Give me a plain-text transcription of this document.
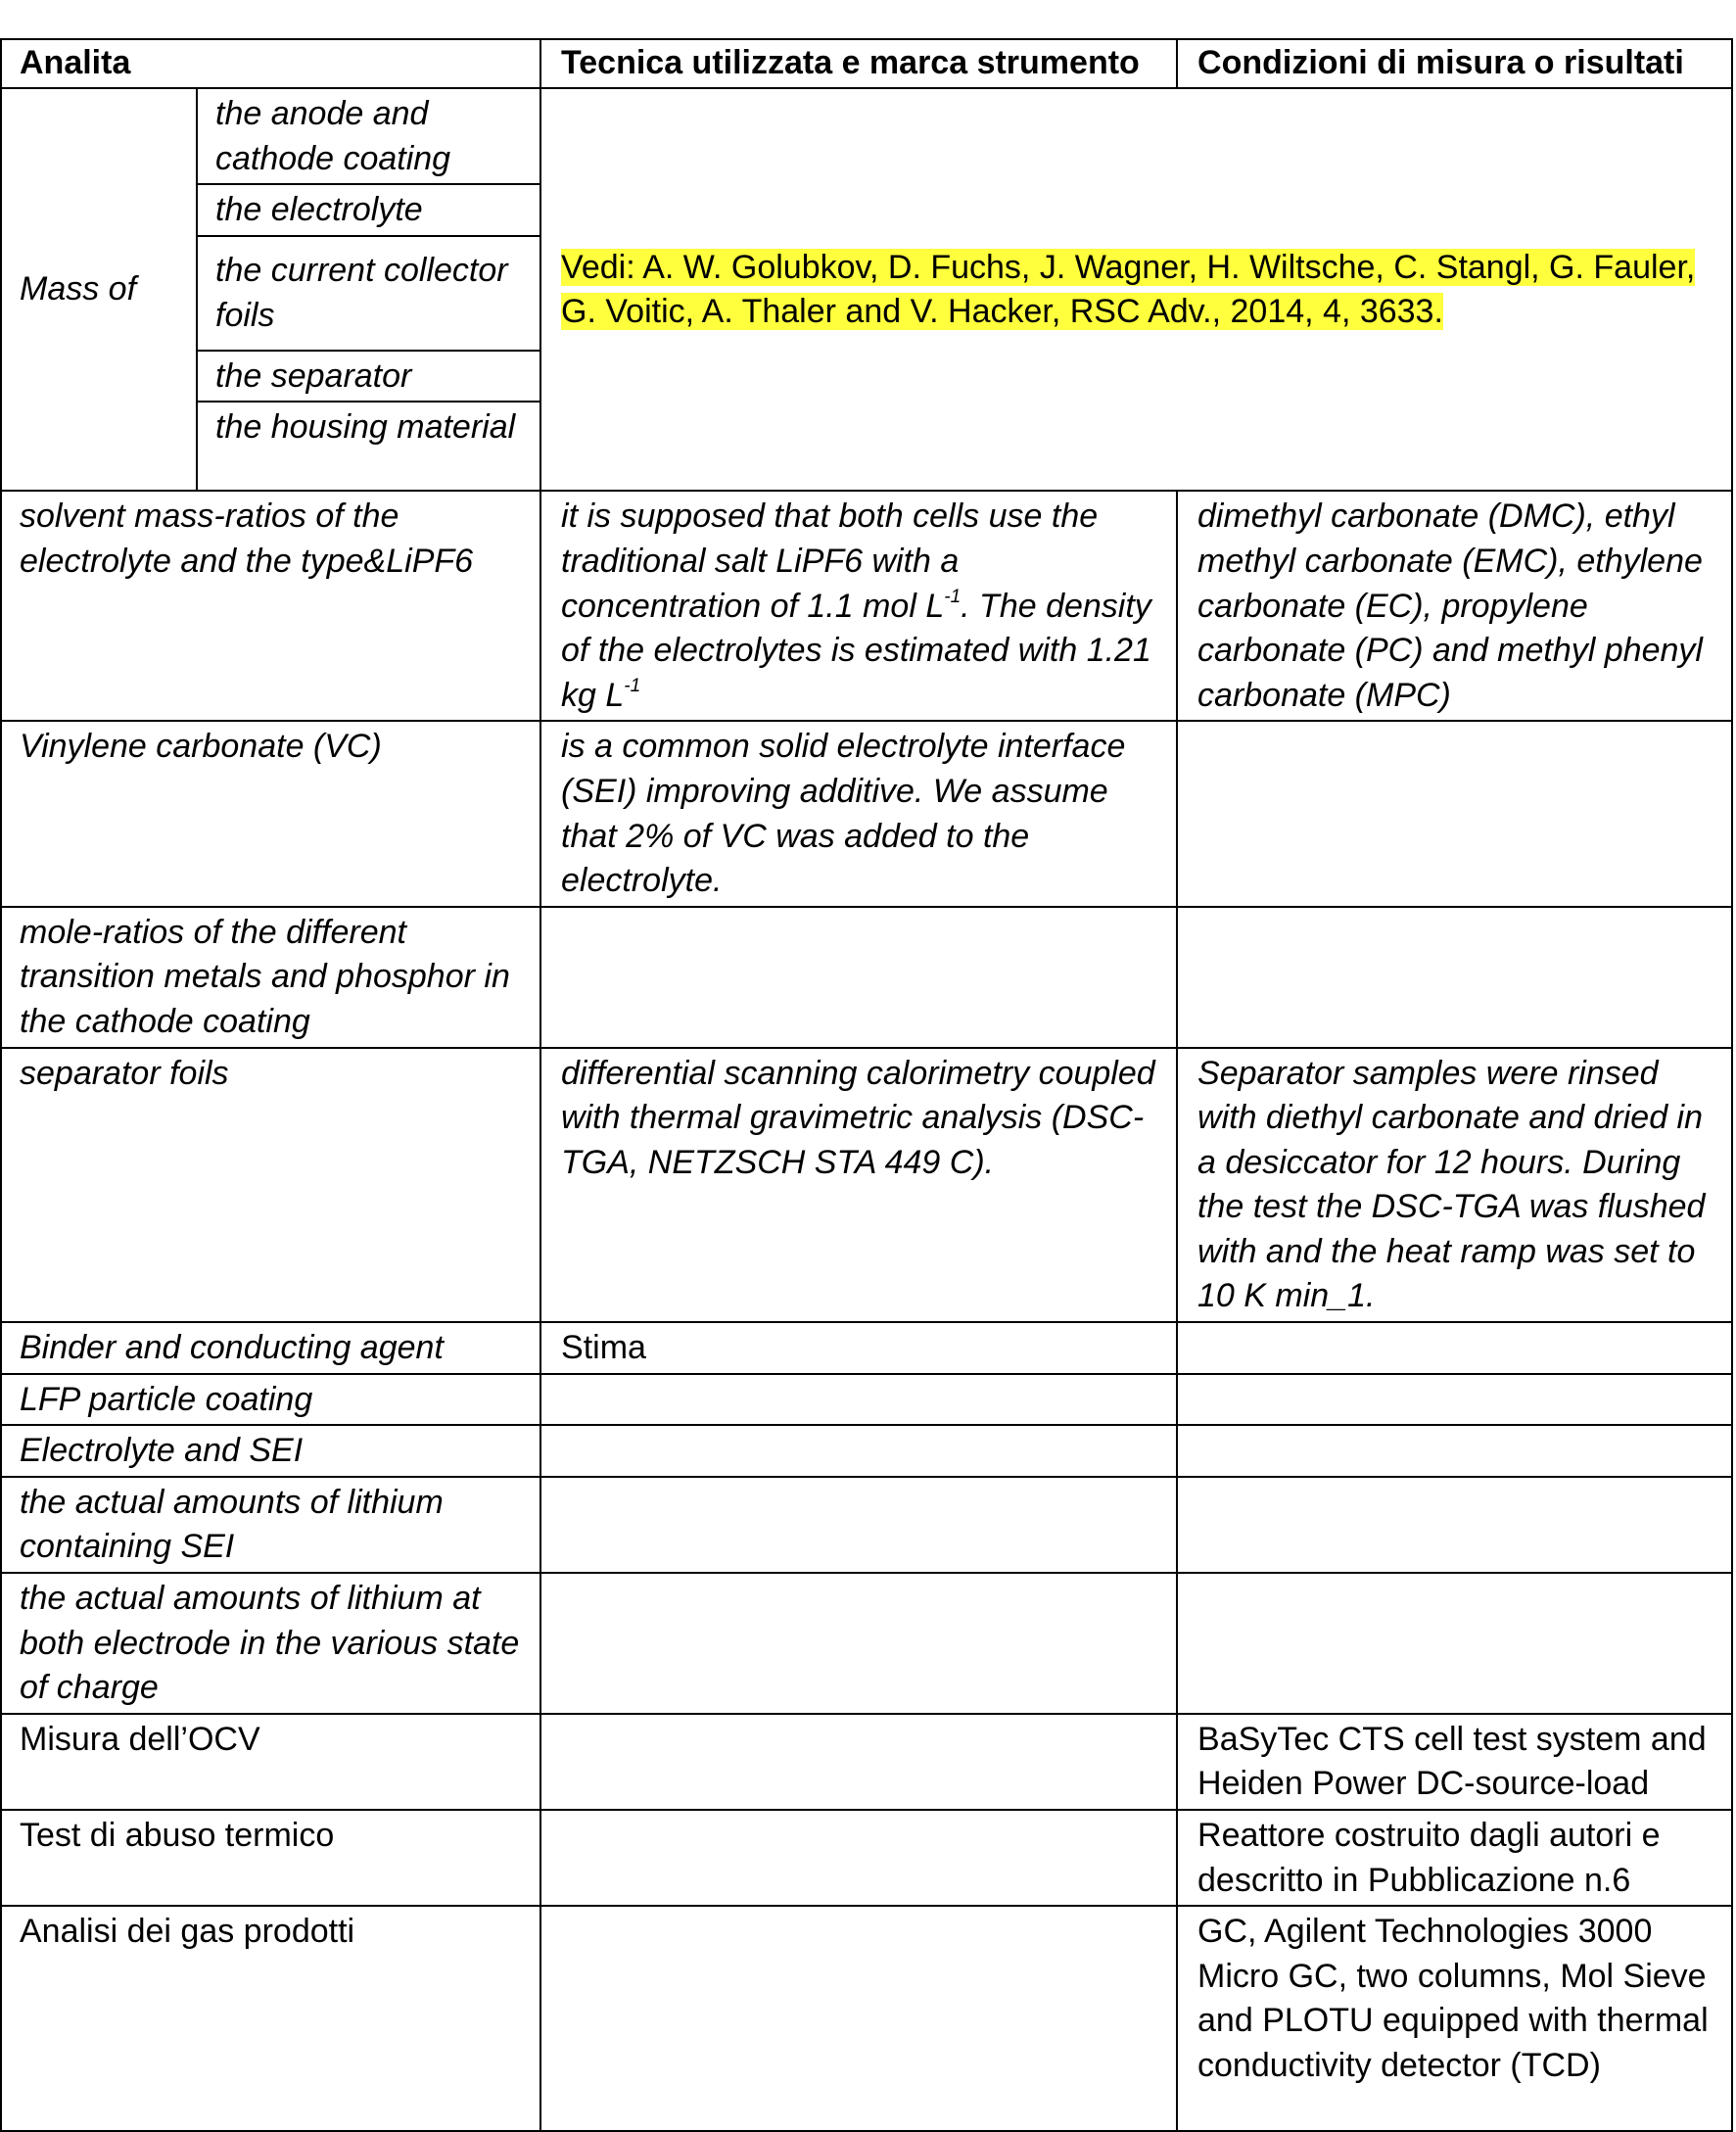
Analita		Tecnica utilizzata e marca strumento	Condizioni di misura o risultati
Mass of	the anode and cathode coating	Vedi: A. W. Golubkov, D. Fuchs, J. Wagner, H. Wiltsche, C. Stangl, G. Fauler, G. Voitic, A. Thaler and V. Hacker, RSC Adv., 2014, 4, 3633.	
	the electrolyte		
	the current collector foils		
	the separator		
	the housing material		
solvent mass-ratios of the electrolyte and the type&LiPF6		it is supposed that both cells use the traditional salt LiPF6 with a concentration of 1.1 mol $L^{-1}$. The density of the electrolytes is estimated with 1.21 kg $L^{-1}$	dimethyl carbonate (DMC), ethyl methyl carbonate (EMC), ethylene carbonate (EC), propylene carbonate (PC) and methyl phenyl carbonate (MPC)
Vinylene carbonate (VC)		is a common solid electrolyte interface (SEI) improving additive. We assume that 2% of VC was added to the electrolyte.	
mole-ratios of the different transition metals and phosphor in the cathode coating			
separator foils		differential scanning calorimetry coupled with thermal gravimetric analysis (DSC-TGA, NETZSCH STA 449 C).	Separator samples were rinsed with diethyl carbonate and dried in a desiccator for 12 hours. During the test the DSC-TGA was flushed with and the heat ramp was set to 10 K min_1.
Binder and conducting agent		Stima	
LFP particle coating			
Electrolyte and SEI			
the actual amounts of lithium containing SEI			
the actual amounts of lithium at both electrode in the various state of charge			
Misura dell’OCV			BaSyTec CTS cell test system and Heiden Power DC-source-load
Test di abuso termico			Reattore costruito dagli autori e descritto in Pubblicazione n.6
Analisi dei gas prodotti			GC, Agilent Technologies 3000 Micro GC, two columns, Mol Sieve and PLOTU equipped with thermal conductivity detector (TCD)
